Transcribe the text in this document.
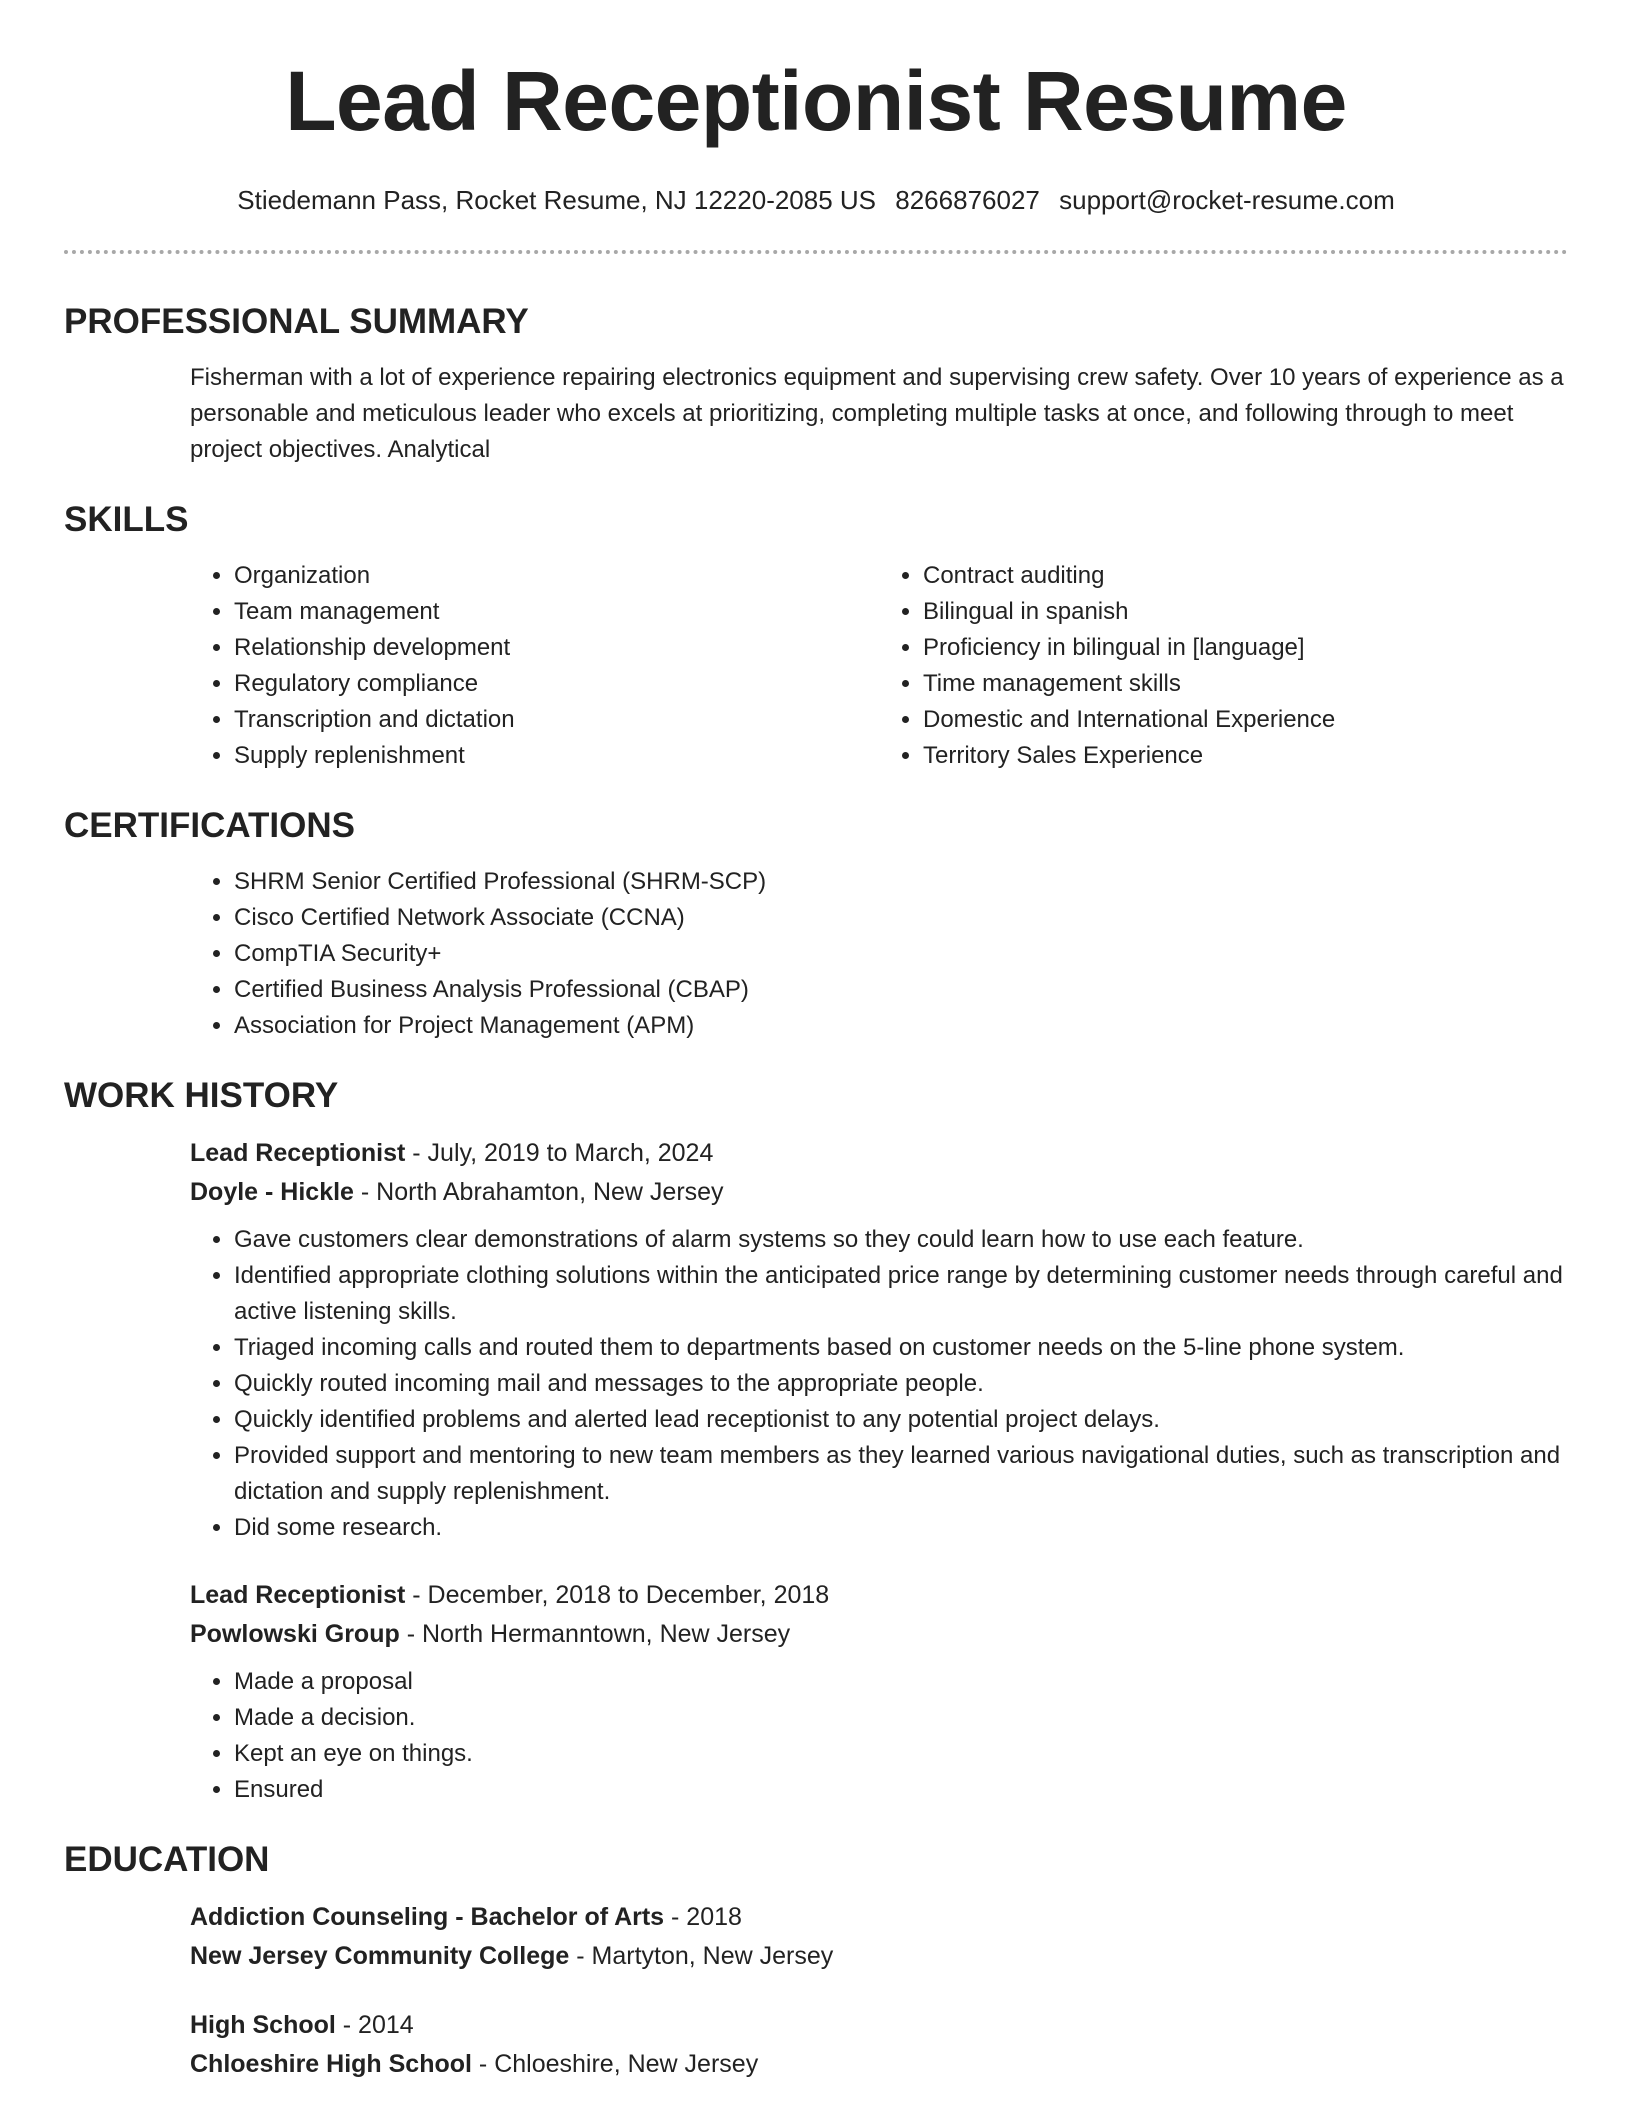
Lead Receptionist Resume
Stiedemann Pass, Rocket Resume, NJ 12220-2085 US 8266876027 support@rocket-resume.com
PROFESSIONAL SUMMARY

Fisherman with a lot of experience repairing electronics equipment and supervising crew safety. Over 10 years of experience as a personable and meticulous leader who excels at prioritizing, completing multiple tasks at once, and following through to meet project objectives. Analytical

SKILLS
• Organization
• Team management
• Relationship development
• Regulatory compliance
• Transcription and dictation
• Supply replenishment
• Contract auditing
• Bilingual in spanish
• Proficiency in bilingual in [language]
• Time management skills
• Domestic and International Experience
• Territory Sales Experience
CERTIFICATIONS
• SHRM Senior Certified Professional (SHRM-SCP)
• Cisco Certified Network Associate (CCNA)
• CompTIA Security+
• Certified Business Analysis Professional (CBAP)
• Association for Project Management (APM)
WORK HISTORY
Lead Receptionist - July, 2019 to March, 2024
Doyle - Hickle - North Abrahamton, New Jersey
• Gave customers clear demonstrations of alarm systems so they could learn how to use each feature.
• Identified appropriate clothing solutions within the anticipated price range by determining customer needs through careful and active listening skills.
• Triaged incoming calls and routed them to departments based on customer needs on the 5-line phone system.
• Quickly routed incoming mail and messages to the appropriate people.
• Quickly identified problems and alerted lead receptionist to any potential project delays.
• Provided support and mentoring to new team members as they learned various navigational duties, such as transcription and dictation and supply replenishment.
• Did some research.
Lead Receptionist - December, 2018 to December, 2018
Powlowski Group - North Hermanntown, New Jersey
• Made a proposal
• Made a decision.
• Kept an eye on things.
• Ensured
EDUCATION
Addiction Counseling - Bachelor of Arts - 2018
New Jersey Community College - Martyton, New Jersey
High School - 2014
Chloeshire High School - Chloeshire, New Jersey
